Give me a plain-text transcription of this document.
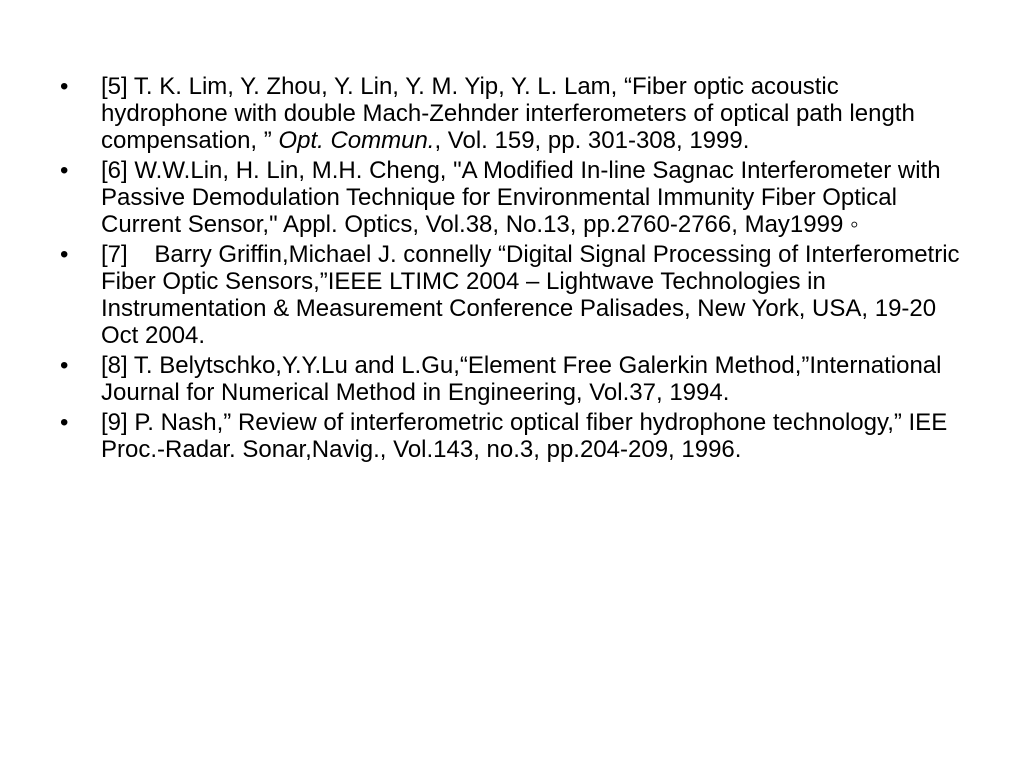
•	[5] T. K. Lim, Y. Zhou, Y. Lin, Y. M. Yip, Y. L. Lam, “Fiber optic acoustic hydrophone with double Mach-Zehnder interferometers of optical path length compensation, ” Opt. Commun., Vol. 159, pp. 301-308, 1999.
•	[6] W.W.Lin, H. Lin, M.H. Cheng, "A Modified In-line Sagnac Interferometer with Passive Demodulation Technique for Environmental Immunity Fiber Optical Current Sensor," Appl. Optics, Vol.38, No.13, pp.2760-2766, May1999 ◦
•	[7]    Barry Griffin,Michael J. connelly “Digital Signal Processing of Interferometric Fiber Optic Sensors,”IEEE LTIMC 2004 – Lightwave Technologies in Instrumentation & Measurement Conference Palisades, New York, USA, 19-20 Oct 2004.
•	[8] T. Belytschko,Y.Y.Lu and L.Gu,“Element Free Galerkin Method,”International Journal for Numerical Method in Engineering, Vol.37, 1994.
•	[9] P. Nash,” Review of interferometric optical fiber hydrophone technology,” IEE Proc.-Radar. Sonar,Navig., Vol.143, no.3, pp.204-209, 1996.
